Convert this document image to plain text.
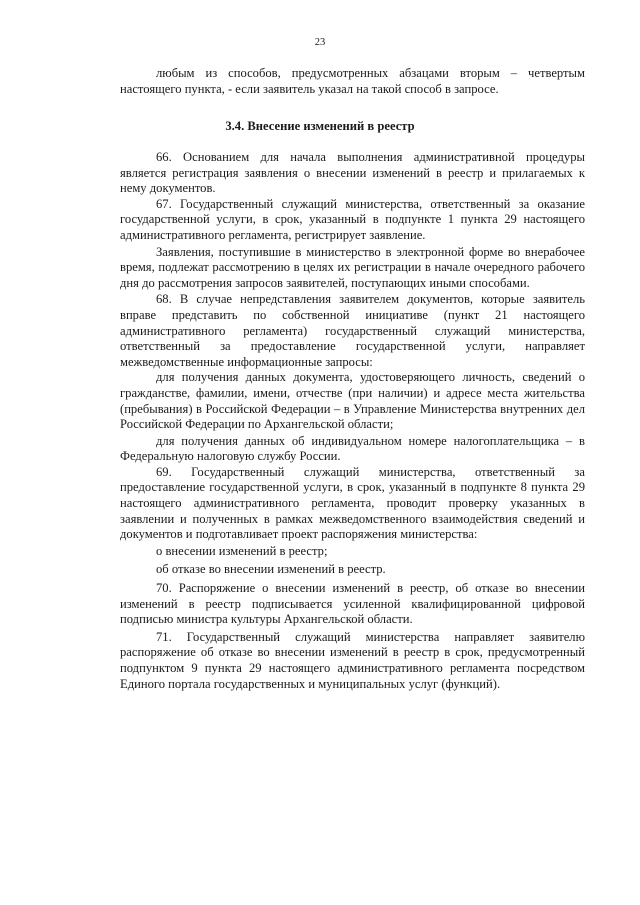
23

любым из способов, предусмотренных абзацами вторым – четвертым настоящего пункта, - если заявитель указал на такой способ в запросе.

3.4. Внесение изменений в реестр

66. Основанием для начала выполнения административной процедуры является регистрация заявления о внесении изменений в реестр и прилагаемых к нему документов.

67. Государственный служащий министерства, ответственный за оказание государственной услуги, в срок, указанный в подпункте 1 пункта 29 настоящего административного регламента, регистрирует заявление.

Заявления, поступившие в министерство в электронной форме во внерабочее время, подлежат рассмотрению в целях их регистрации в начале очередного рабочего дня до рассмотрения запросов заявителей, поступающих иными способами.

68. В случае непредставления заявителем документов, которые заявитель вправе представить по собственной инициативе (пункт 21 настоящего административного регламента) государственный служащий министерства, ответственный за предоставление государственной услуги, направляет межведомственные информационные запросы:

для получения данных документа, удостоверяющего личность, сведений о гражданстве, фамилии, имени, отчестве (при наличии) и адресе места жительства (пребывания) в Российской Федерации – в Управление Министерства внутренних дел Российской Федерации по Архангельской области;

для получения данных об индивидуальном номере налогоплательщика – в Федеральную налоговую службу России.

69. Государственный служащий министерства, ответственный за предоставление государственной услуги, в срок, указанный в подпункте 8 пункта 29 настоящего административного регламента, проводит проверку указанных в заявлении и полученных в рамках межведомственного взаимодействия сведений и документов и подготавливает проект распоряжения министерства:

о внесении изменений в реестр;

об отказе во внесении изменений в реестр.

70. Распоряжение о внесении изменений в реестр, об отказе во внесении изменений в реестр подписывается усиленной квалифицированной цифровой подписью министра культуры Архангельской области.

71. Государственный служащий министерства направляет заявителю распоряжение об отказе во внесении изменений в реестр в срок, предусмотренный подпунктом 9 пункта 29 настоящего административного регламента посредством Единого портала государственных и муниципальных услуг (функций).
